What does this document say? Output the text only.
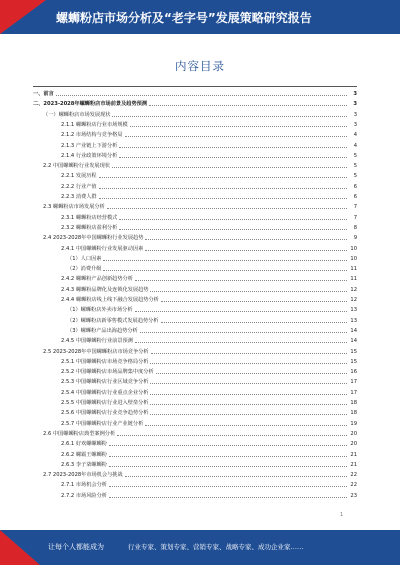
螺蛳粉店市场分析及“老字号”发展策略研究报告
内容目录
一、前言	3
二、2023-2028年螺蛳粉店市场前景及趋势预测	3
（一）螺蛳粉店市场发展现状	3
2.1.1 螺蛳粉店行业市场规模	3
2.1.2 市场结构与竞争格局	4
2.1.3 产业链上下游分析	4
2.1.4 行业政策环境分析	5
2.2 中国螺蛳粉行业发展现状	5
2.2.1 发展历程	5
2.2.2 行业产值	6
2.2.3 消费人群	6
2.3 螺蛳粉店市场发展分析	7
2.3.1 螺蛳粉店经营模式	7
2.3.2 螺蛳粉店盈利分析	8
2.4 2023-2028年中国螺蛳粉行业发展趋势	9
2.4.1 中国螺蛳粉行业发展驱动因素	10
（1）人口因素	10
（2）消费升级	11
2.4.2 螺蛳粉产品创新趋势分析	11
2.4.3 螺蛳粉品牌化及连锁化发展趋势	12
2.4.4 螺蛳粉店线上线下融合发展趋势分析	12
（1）螺蛳粉店外卖市场分析	13
（2）螺蛳粉店新零售模式发展趋势分析	13
（3）螺蛳粉产品出海趋势分析	14
2.4.5 中国螺蛳粉行业前景预测	14
2.5 2023-2028年中国螺蛳粉店市场竞争分析	15
2.5.1 中国螺蛳粉店市场竞争格局分析	15
2.5.2 中国螺蛳粉店市场品牌集中度分析	16
2.5.3 中国螺蛳粉店行业区域竞争分析	17
2.5.4 中国螺蛳粉店行业重点企业分析	17
2.5.5 中国螺蛳粉店行业进入壁垒分析	18
2.5.6 中国螺蛳粉店行业竞争趋势分析	18
2.5.7 中国螺蛳粉店行业产业链分析	19
2.6 中国螺蛳粉店典型案例分析	20
2.6.1 好欢螺螺蛳粉	20
2.6.2 螺霸王螺蛳粉	21
2.6.3 李子柒螺蛳粉	21
2.7 2023-2028年市场机会与挑战	22
2.7.1 市场机会分析	22
2.7.2 市场风险分析	23
1
让每个人都能成为	行业专家、策划专家、营销专家、战略专家、成功企业家……
